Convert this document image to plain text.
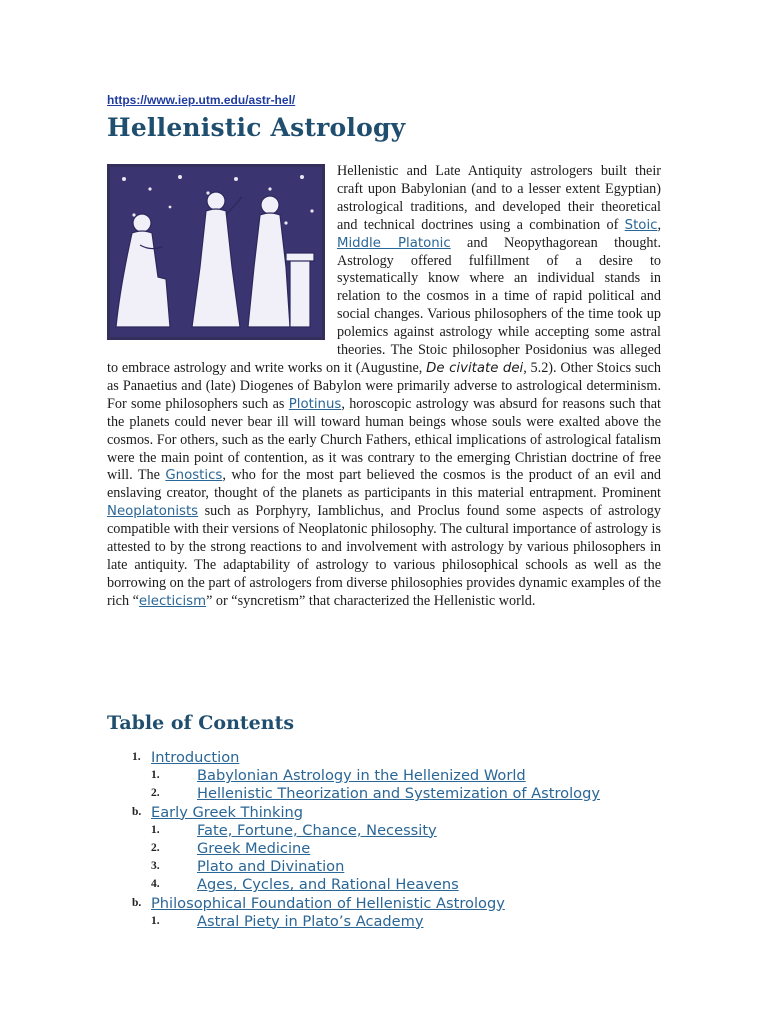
https://www.iep.utm.edu/astr-hel/
Hellenistic Astrology
Hellenistic and Late Antiquity astrologers built their craft upon Babylonian (and to a lesser extent Egyptian) astrological traditions, and developed their theoretical and technical doctrines using a combination of Stoic, Middle Platonic and Neopythagorean thought. Astrology offered fulfillment of a desire to systematically know where an individual stands in relation to the cosmos in a time of rapid political and social changes. Various philosophers of the time took up polemics against astrology while accepting some astral theories. The Stoic philosopher Posidonius was alleged to embrace astrology and write works on it (Augustine, De civitate dei, 5.2). Other Stoics such as Panaetius and (late) Diogenes of Babylon were primarily adverse to astrological determinism. For some philosophers such as Plotinus, horoscopic astrology was absurd for reasons such that the planets could never bear ill will toward human beings whose souls were exalted above the cosmos. For others, such as the early Church Fathers, ethical implications of astrological fatalism were the main point of contention, as it was contrary to the emerging Christian doctrine of free will. The Gnostics, who for the most part believed the cosmos is the product of an evil and enslaving creator, thought of the planets as participants in this material entrapment. Prominent Neoplatonists such as Porphyry, Iamblichus, and Proclus found some aspects of astrology compatible with their versions of Neoplatonic philosophy. The cultural importance of astrology is attested to by the strong reactions to and involvement with astrology by various philosophers in late antiquity. The adaptability of astrology to various philosophical schools as well as the borrowing on the part of astrologers from diverse philosophies provides dynamic examples of the rich “electicism” or “syncretism” that characterized the Hellenistic world.
Table of Contents
1. Introduction
1.	Babylonian Astrology in the Hellenized World
2.	Hellenistic Theorization and Systemization of Astrology
b. Early Greek Thinking
1.	Fate, Fortune, Chance, Necessity
2.	Greek Medicine
3.	Plato and Divination
4.	Ages, Cycles, and Rational Heavens
b. Philosophical Foundation of Hellenistic Astrology
1.	Astral Piety in Plato’s Academy
